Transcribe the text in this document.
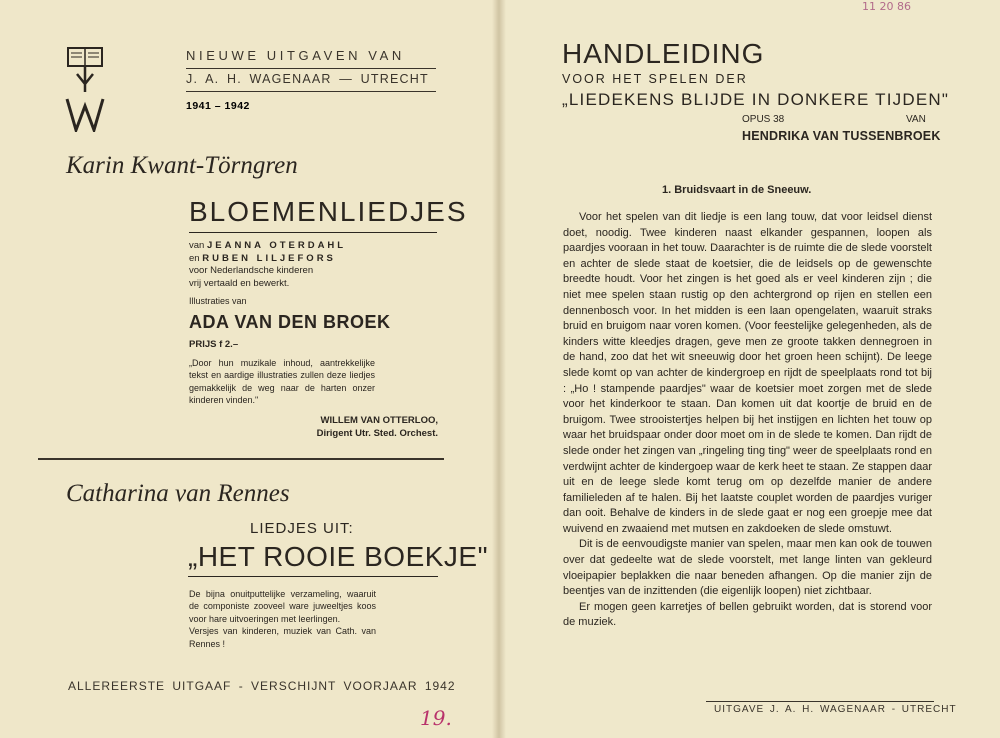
NIEUWE UITGAVEN VAN
J. A. H. WAGENAAR — UTRECHT
1941 – 1942
Karin Kwant-Törngren
BLOEMENLIEDJES
van JEANNA OTERDAHL
en RUBEN LILJEFORS
voor Nederlandsche kinderen
vrij vertaald en bewerkt.
Illustraties van
ADA VAN DEN BROEK
PRIJS f 2.–
„Door hun muzikale inhoud, aantrekkelijke tekst en aardige illustraties zullen deze liedjes gemakkelijk de weg naar de harten onzer kinderen vinden."
WILLEM VAN OTTERLOO,
Dirigent Utr. Sted. Orchest.
Catharina van Rennes
LIEDJES UIT:
„HET ROOIE BOEKJE"
De bijna onuitputtelijke verzameling, waaruit de componiste zooveel ware juweeltjes koos voor hare uitvoeringen met leerlingen.
Versjes van kinderen, muziek van Cath. van Rennes !
ALLEREERSTE UITGAAF - VERSCHIJNT VOORJAAR 1942
19.
11 20 86
HANDLEIDING
VOOR HET SPELEN DER
„LIEDEKENS BLIJDE IN DONKERE TIJDEN"
OPUS 38	VAN
HENDRIKA VAN TUSSENBROEK
1. Bruidsvaart in de Sneeuw.

Voor het spelen van dit liedje is een lang touw, dat voor leidsel dienst doet, noodig. Twee kinderen naast elkander gespannen, loopen als paardjes vooraan in het touw. Daarachter is de ruimte die de slede voorstelt en achter de slede staat de koetsier, die de leidsels op de gewenschte breedte houdt. Voor het zingen is het goed als er veel kinderen zijn ; die niet mee spelen staan rustig op den achtergrond op rijen en stellen een dennenbosch voor. In het midden is een laan opengelaten, waaruit straks bruid en bruigom naar voren komen. (Voor feestelijke gelegenheden, als de kinders witte kleedjes dragen, geve men ze groote takken dennegroen in de hand, zoo dat het wit sneeuwig door het groen heen schijnt). De leege slede komt op van achter de kindergroep en rijdt de speelplaats rond tot bij : „Ho ! stampende paardjes" waar de koetsier moet zorgen met de slede voor het kinderkoor te staan. Dan komen uit dat koortje de bruid en de bruigom. Twee strooistertjes helpen bij het instijgen en lichten het touw op waar het bruidspaar onder door moet om in de slede te komen. Dan rijdt de slede onder het zingen van „ringeling ting ting" weer de speelplaats rond en verdwijnt achter de kindergoep waar de kerk heet te staan. Ze stappen daar uit en de leege slede komt terug om op dezelfde manier de andere familieleden af te halen. Bij het laatste couplet worden de paardjes vuriger dan ooit. Behalve de kinders in de slede gaat er nog een groepje mee dat wuivend en zwaaiend met mutsen en zakdoeken de slede omstuwt.

Dit is de eenvoudigste manier van spelen, maar men kan ook de touwen over dat gedeelte wat de slede voorstelt, met lange linten van gekleurd vloeipapier beplakken die naar beneden afhangen. Op die manier zijn de beentjes van de inzittenden (die eigenlijk loopen) niet zichtbaar.

Er mogen geen karretjes of bellen gebruikt worden, dat is storend voor de muziek.

UITGAVE J. A. H. WAGENAAR - UTRECHT
